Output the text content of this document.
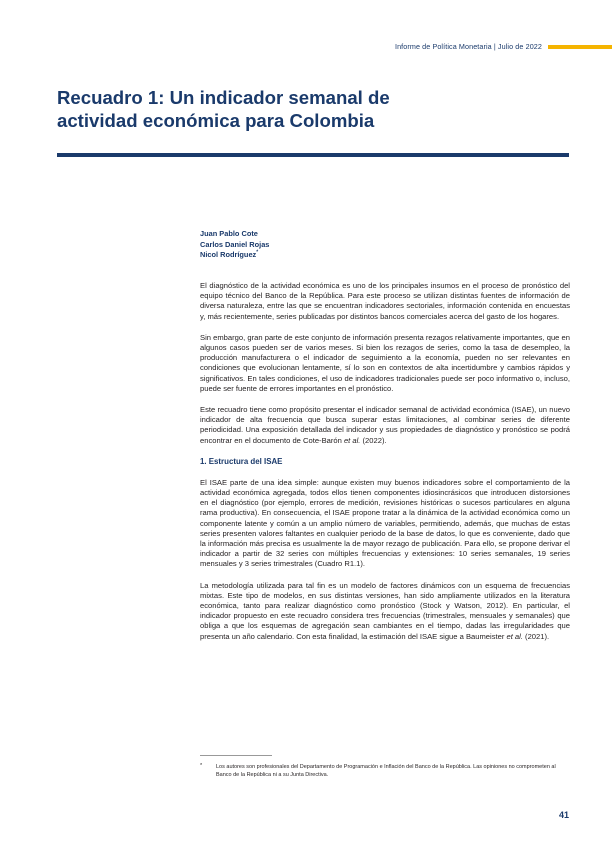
Informe de Política Monetaria | Julio de 2022
Recuadro 1: Un indicador semanal de
actividad económica para Colombia
Juan Pablo Cote
Carlos Daniel Rojas
Nicol Rodríguez*

El diagnóstico de la actividad económica es uno de los principales insumos en el proceso de pronóstico del equipo técnico del Banco de la República. Para este proceso se utilizan distintas fuentes de información de diversa naturaleza, entre las que se encuentran indicadores sectoriales, información contenida en encuestas y, más recientemente, series publicadas por distintos bancos comerciales acerca del gasto de los hogares.

Sin embargo, gran parte de este conjunto de información presenta rezagos relativamente importantes, que en algunos casos pueden ser de varios meses. Si bien los rezagos de series, como la tasa de desempleo, la producción manufacturera o el indicador de seguimiento a la economía, pueden no ser relevantes en condiciones que evolucionan lentamente, sí lo son en contextos de alta incertidumbre y cambios rápidos y significativos. En tales condiciones, el uso de indicadores tradicionales puede ser poco informativo o, incluso, puede ser fuente de errores importantes en el pronóstico.

Este recuadro tiene como propósito presentar el indicador semanal de actividad económica (ISAE), un nuevo indicador de alta frecuencia que busca superar estas limitaciones, al combinar series de diferente periodicidad. Una exposición detallada del indicador y sus propiedades de diagnóstico y pronóstico se podrá encontrar en el documento de Cote-Barón et al. (2022).

1. Estructura del ISAE

El ISAE parte de una idea simple: aunque existen muy buenos indicadores sobre el comportamiento de la actividad económica agregada, todos ellos tienen componentes idiosincrásicos que introducen distorsiones en el diagnóstico (por ejemplo, errores de medición, revisiones históricas o sucesos particulares en alguna rama productiva). En consecuencia, el ISAE propone tratar a la dinámica de la actividad económica como un componente latente y común a un amplio número de variables, permitiendo, además, que muchas de estas series presenten valores faltantes en cualquier periodo de la base de datos, lo que es conveniente, dado que la información más precisa es usualmente la de mayor rezago de publicación. Para ello, se propone derivar el indicador a partir de 32 series con múltiples frecuencias y extensiones: 10 series semanales, 19 series mensuales y 3 series trimestrales (Cuadro R1.1).

La metodología utilizada para tal fin es un modelo de factores dinámicos con un esquema de frecuencias mixtas. Este tipo de modelos, en sus distintas versiones, han sido ampliamente utilizados en la literatura económica, tanto para realizar diagnóstico como pronóstico (Stock y Watson, 2012). En particular, el indicador propuesto en este recuadro considera tres frecuencias (trimestrales, mensuales y semanales) que obliga a que los esquemas de agregación sean cambiantes en el tiempo, dadas las irregularidades que presenta un año calendario. Con esta finalidad, la estimación del ISAE sigue a Baumeister et al. (2021).

*	Los autores son profesionales del Departamento de Programación e Inflación del Banco de la República. Las opiniones no comprometen al Banco de la República ni a su Junta Directiva.
41
